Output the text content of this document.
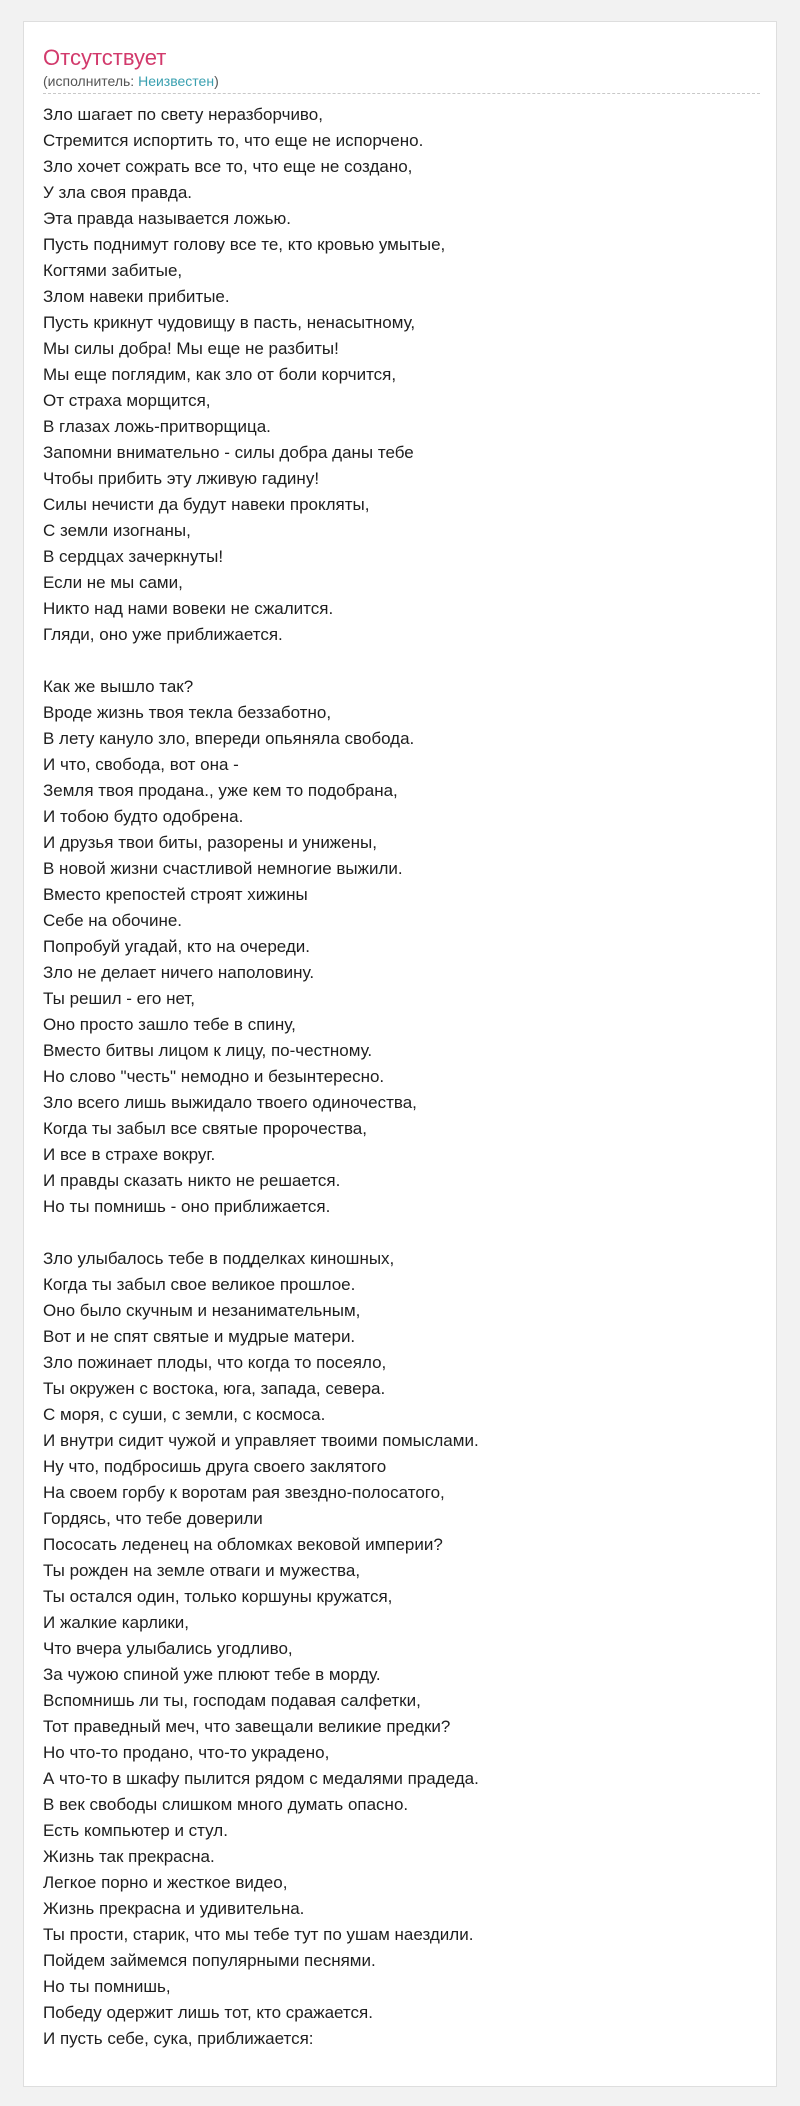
Отсутствует
(исполнитель: Неизвестен)
Зло шагает по свету неразборчиво,
Стремится испортить то, что еще не испорчено.
Зло хочет сожрать все то, что еще не создано,
У зла своя правда.
Эта правда называется ложью.
Пусть поднимут голову все те, кто кровью умытые,
Когтями забитые,
Злом навеки прибитые.
Пусть крикнут чудовищу в пасть, ненасытному,
Мы силы добра! Мы еще не разбиты!
Мы еще поглядим, как зло от боли корчится,
От страха морщится,
В глазах ложь-притворщица.
Запомни внимательно - силы добра даны тебе
Чтобы прибить эту лживую гадину!
Силы нечисти да будут навеки прокляты,
С земли изогнаны,
В сердцах зачеркнуты!
Если не мы сами,
Никто над нами вовеки не сжалится.
Гляди, оно уже приближается.
Как же вышло так?
Вроде жизнь твоя текла беззаботно,
В лету кануло зло, впереди опьяняла свобода.
И что, свобода, вот она -
Земля твоя продана., уже кем то подобрана,
И тобою будто одобрена.
И друзья твои биты, разорены и унижены,
В новой жизни счастливой немногие выжили.
Вместо крепостей строят хижины
Себе на обочине.
Попробуй угадай, кто на очереди.
Зло не делает ничего наполовину.
Ты решил - его нет,
Оно просто зашло тебе в спину,
Вместо битвы лицом к лицу, по-честному.
Но слово "честь" немодно и безынтересно.
Зло всего лишь выжидало твоего одиночества,
Когда ты забыл все святые пророчества,
И все в страхе вокруг.
И правды сказать никто не решается.
Но ты помнишь - оно приближается.
Зло улыбалось тебе в подделках киношных,
Когда ты забыл свое великое прошлое.
Оно было скучным и незанимательным,
Вот и не спят святые и мудрые матери.
Зло пожинает плоды, что когда то посеяло,
Ты окружен с востока, юга, запада, севера.
С моря, с суши, с земли, с космоса.
И внутри сидит чужой и управляет твоими помыслами.
Ну что, подбросишь друга своего заклятого
На своем горбу к воротам рая звездно-полосатого,
Гордясь, что тебе доверили
Пососать леденец на обломках вековой империи?
Ты рожден на земле отваги и мужества,
Ты остался один, только коршуны кружатся,
И жалкие карлики,
Что вчера улыбались угодливо,
За чужою спиной уже плюют тебе в морду.
Вспомнишь ли ты, господам подавая салфетки,
Тот праведный меч, что завещали великие предки?
Но что-то продано, что-то украдено,
А что-то в шкафу пылится рядом с медалями прадеда.
В век свободы слишком много думать опасно.
Есть компьютер и стул.
Жизнь так прекрасна.
Легкое порно и жесткое видео,
Жизнь прекрасна и удивительна.
Ты прости, старик, что мы тебе тут по ушам наездили.
Пойдем займемся популярными песнями.
Но ты помнишь,
Победу одержит лишь тот, кто сражается.
И пусть себе, сука, приближается:
